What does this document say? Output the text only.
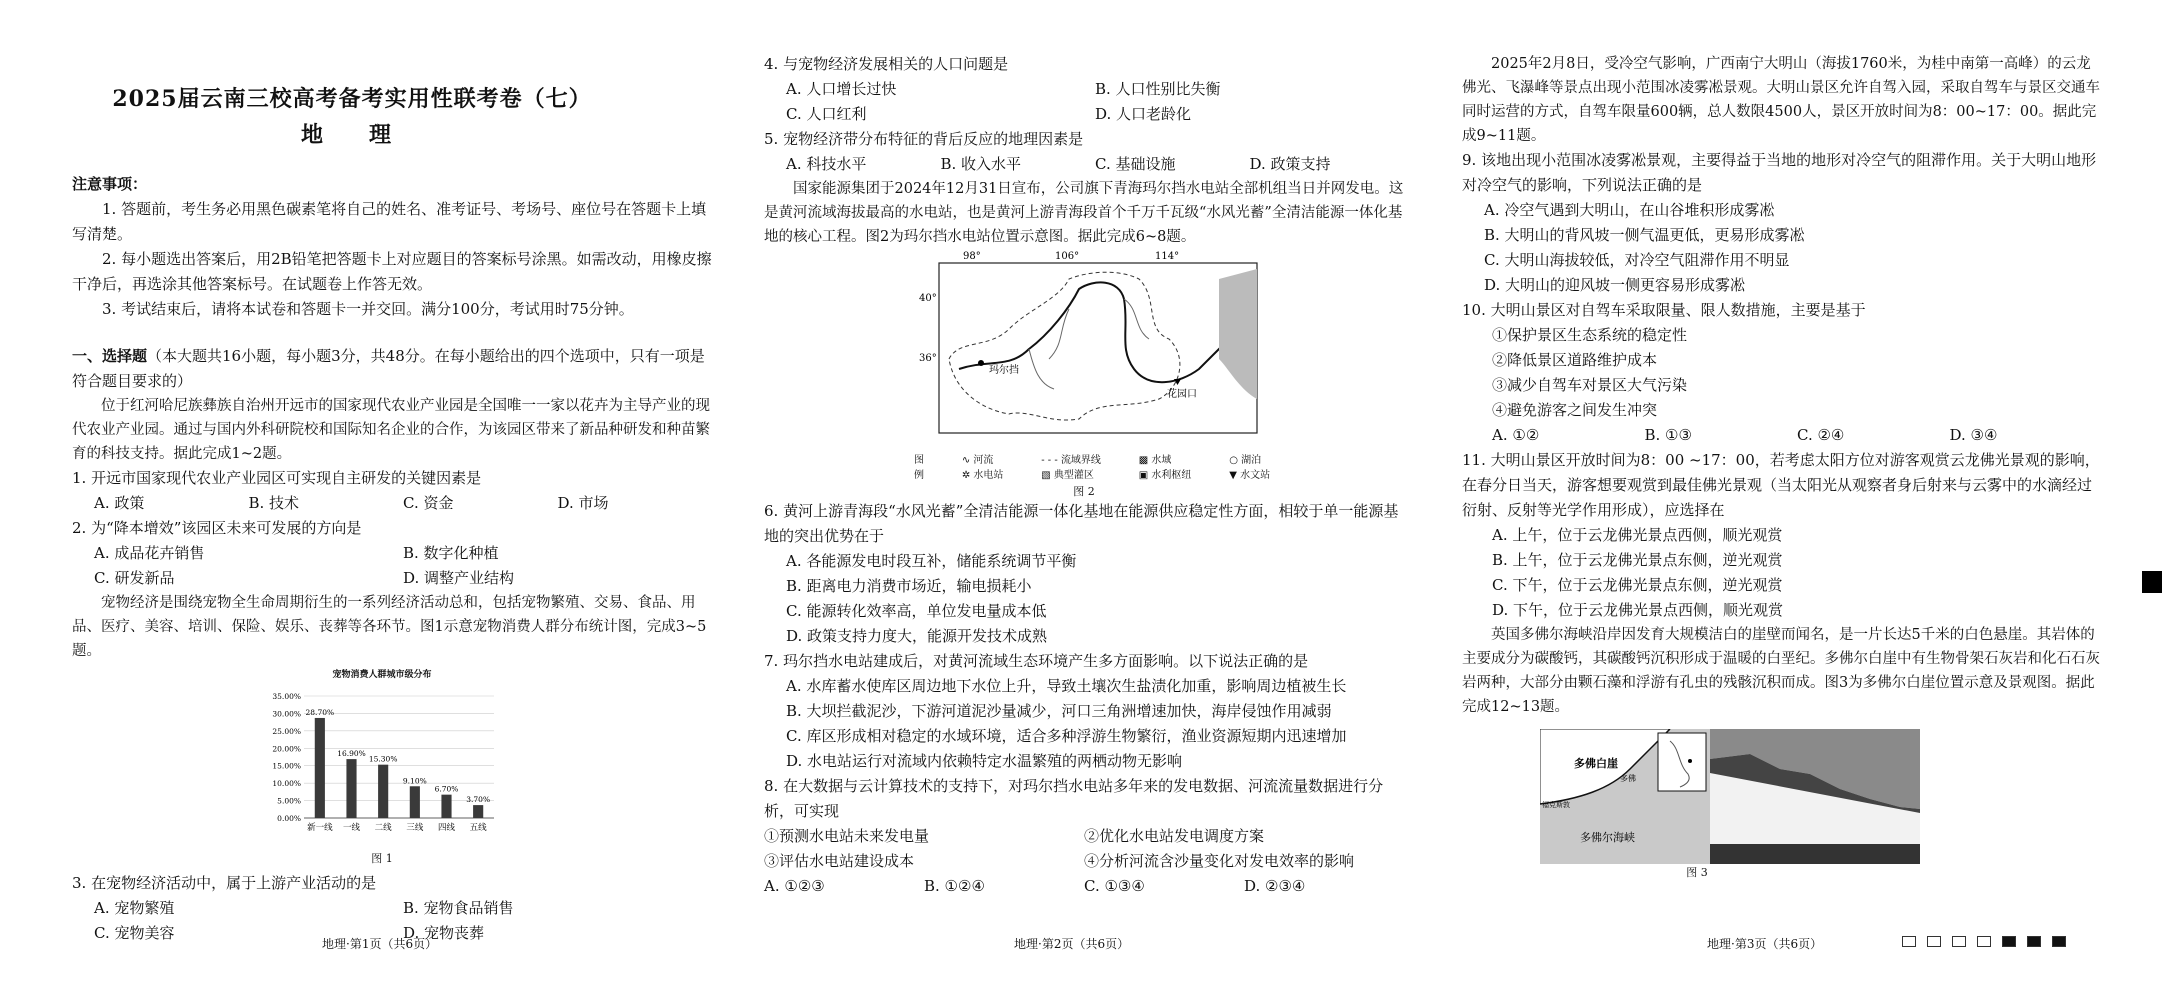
2025届云南三校高考备考实用性联考卷（七）
地　理
注意事项：

1. 答题前，考生务必用黑色碳素笔将自己的姓名、准考证号、考场号、座位号在答题卡上填写清楚。

2. 每小题选出答案后，用2B铅笔把答题卡上对应题目的答案标号涂黑。如需改动，用橡皮擦干净后，再选涂其他答案标号。在试题卷上作答无效。

3. 考试结束后，请将本试卷和答题卡一并交回。满分100分，考试用时75分钟。

一、选择题（本大题共16小题，每小题3分，共48分。在每小题给出的四个选项中，只有一项是符合题目要求的）

位于红河哈尼族彝族自治州开远市的国家现代农业产业园是全国唯一一家以花卉为主导产业的现代农业产业园。通过与国内外科研院校和国际知名企业的合作，为该园区带来了新品种研发和种苗繁育的科技支持。据此完成1~2题。

1. 开远市国家现代农业产业园区可实现自主研发的关键因素是

A. 政策	B. 技术	C. 资金	D. 市场

2. 为“降本增效”该园区未来可发展的方向是

A. 成品花卉销售	B. 数字化种植
C. 研发新品	D. 调整产业结构

宠物经济是围绕宠物全生命周期衍生的一系列经济活动总和，包括宠物繁殖、交易、食品、用品、医疗、美容、培训、保险、娱乐、丧葬等各环节。图1示意宠物消费人群分布统计图，完成3~5题。

宠物消费人群城市级分布
35.00%
30.00%
25.00%
20.00%
15.00%
10.00%
5.00%
0.00%
28.70%
新一线
16.90%
一线
15.30%
二线
9.10%
三线
6.70%
四线
3.70%
五线
图 1

3. 在宠物经济活动中，属于上游产业活动的是

A. 宠物繁殖	B. 宠物食品销售
C. 宠物美容	D. 宠物丧葬
地理·第1页（共6页）

4. 与宠物经济发展相关的人口问题是

A. 人口增长过快	B. 人口性别比失衡
C. 人口红利	D. 人口老龄化

5. 宠物经济带分布特征的背后反应的地理因素是

A. 科技水平	B. 收入水平	C. 基础设施	D. 政策支持

国家能源集团于2024年12月31日宣布，公司旗下青海玛尔挡水电站全部机组当日并网发电。这是黄河流域海拔最高的水电站，也是黄河上游青海段首个千万千瓦级“水风光蓄”全清洁能源一体化基地的核心工程。图2为玛尔挡水电站位置示意图。据此完成6~8题。

98°	106°	114°
40°
36°
玛尔挡
花园口
图
例
∿ 河流	- - - 流域界线	▩ 水域	○ 湖泊
✲ 水电站	▧ 典型灌区	▣ 水利枢纽	▼ 水文站
图 2

6. 黄河上游青海段“水风光蓄”全清洁能源一体化基地在能源供应稳定性方面，相较于单一能源基地的突出优势在于

A. 各能源发电时段互补，储能系统调节平衡
B. 距离电力消费市场近，输电损耗小
C. 能源转化效率高，单位发电量成本低
D. 政策支持力度大，能源开发技术成熟

7. 玛尔挡水电站建成后，对黄河流域生态环境产生多方面影响。以下说法正确的是

A. 水库蓄水使库区周边地下水位上升，导致土壤次生盐渍化加重，影响周边植被生长
B. 大坝拦截泥沙，下游河道泥沙量减少，河口三角洲增速加快，海岸侵蚀作用减弱
C. 库区形成相对稳定的水域环境，适合多种浮游生物繁衍，渔业资源短期内迅速增加
D. 水电站运行对流域内依赖特定水温繁殖的两栖动物无影响

8. 在大数据与云计算技术的支持下，对玛尔挡水电站多年来的发电数据、河流流量数据进行分析，可实现

①预测水电站未来发电量	②优化水电站发电调度方案
③评估水电站建设成本	④分析河流含沙量变化对发电效率的影响
A. ①②③	B. ①②④	C. ①③④	D. ②③④
地理·第2页（共6页）

2025年2月8日，受冷空气影响，广西南宁大明山（海拔1760米，为桂中南第一高峰）的云龙佛光、飞瀑峰等景点出现小范围冰凌雾凇景观。大明山景区允许自驾入园，采取自驾车与景区交通车同时运营的方式，自驾车限量600辆，总人数限4500人，景区开放时间为8：00~17：00。据此完成9~11题。

9. 该地出现小范围冰凌雾凇景观，主要得益于当地的地形对冷空气的阻滞作用。关于大明山地形对冷空气的影响，下列说法正确的是

A. 冷空气遇到大明山，在山谷堆积形成雾凇
B. 大明山的背风坡一侧气温更低，更易形成雾凇
C. 大明山海拔较低，对冷空气阻滞作用不明显
D. 大明山的迎风坡一侧更容易形成雾凇

10. 大明山景区对自驾车采取限量、限人数措施，主要是基于

①保护景区生态系统的稳定性
②降低景区道路维护成本
③减少自驾车对景区大气污染
④避免游客之间发生冲突
A. ①②	B. ①③	C. ②④	D. ③④

11. 大明山景区开放时间为8：00 ~17：00，若考虑太阳方位对游客观赏云龙佛光景观的影响，在春分日当天，游客想要观赏到最佳佛光景观（当太阳光从观察者身后射来与云雾中的水滴经过衍射、反射等光学作用形成），应选择在

A. 上午，位于云龙佛光景点西侧，顺光观赏
B. 上午，位于云龙佛光景点东侧，逆光观赏
C. 下午，位于云龙佛光景点东侧，逆光观赏
D. 下午，位于云龙佛光景点西侧，顺光观赏

英国多佛尔海峡沿岸因发育大规模洁白的崖壁而闻名，是一片长达5千米的白色悬崖。其岩体的主要成分为碳酸钙，其碳酸钙沉积形成于温暖的白垩纪。多佛尔白崖中有生物骨架石灰岩和化石石灰岩两种，大部分由颗石藻和浮游有孔虫的残骸沉积而成。图3为多佛尔白崖位置示意及景观图。据此完成12~13题。

多佛白崖
多佛
福克斯敦
多佛尔海峡
图 3
地理·第3页（共6页）
